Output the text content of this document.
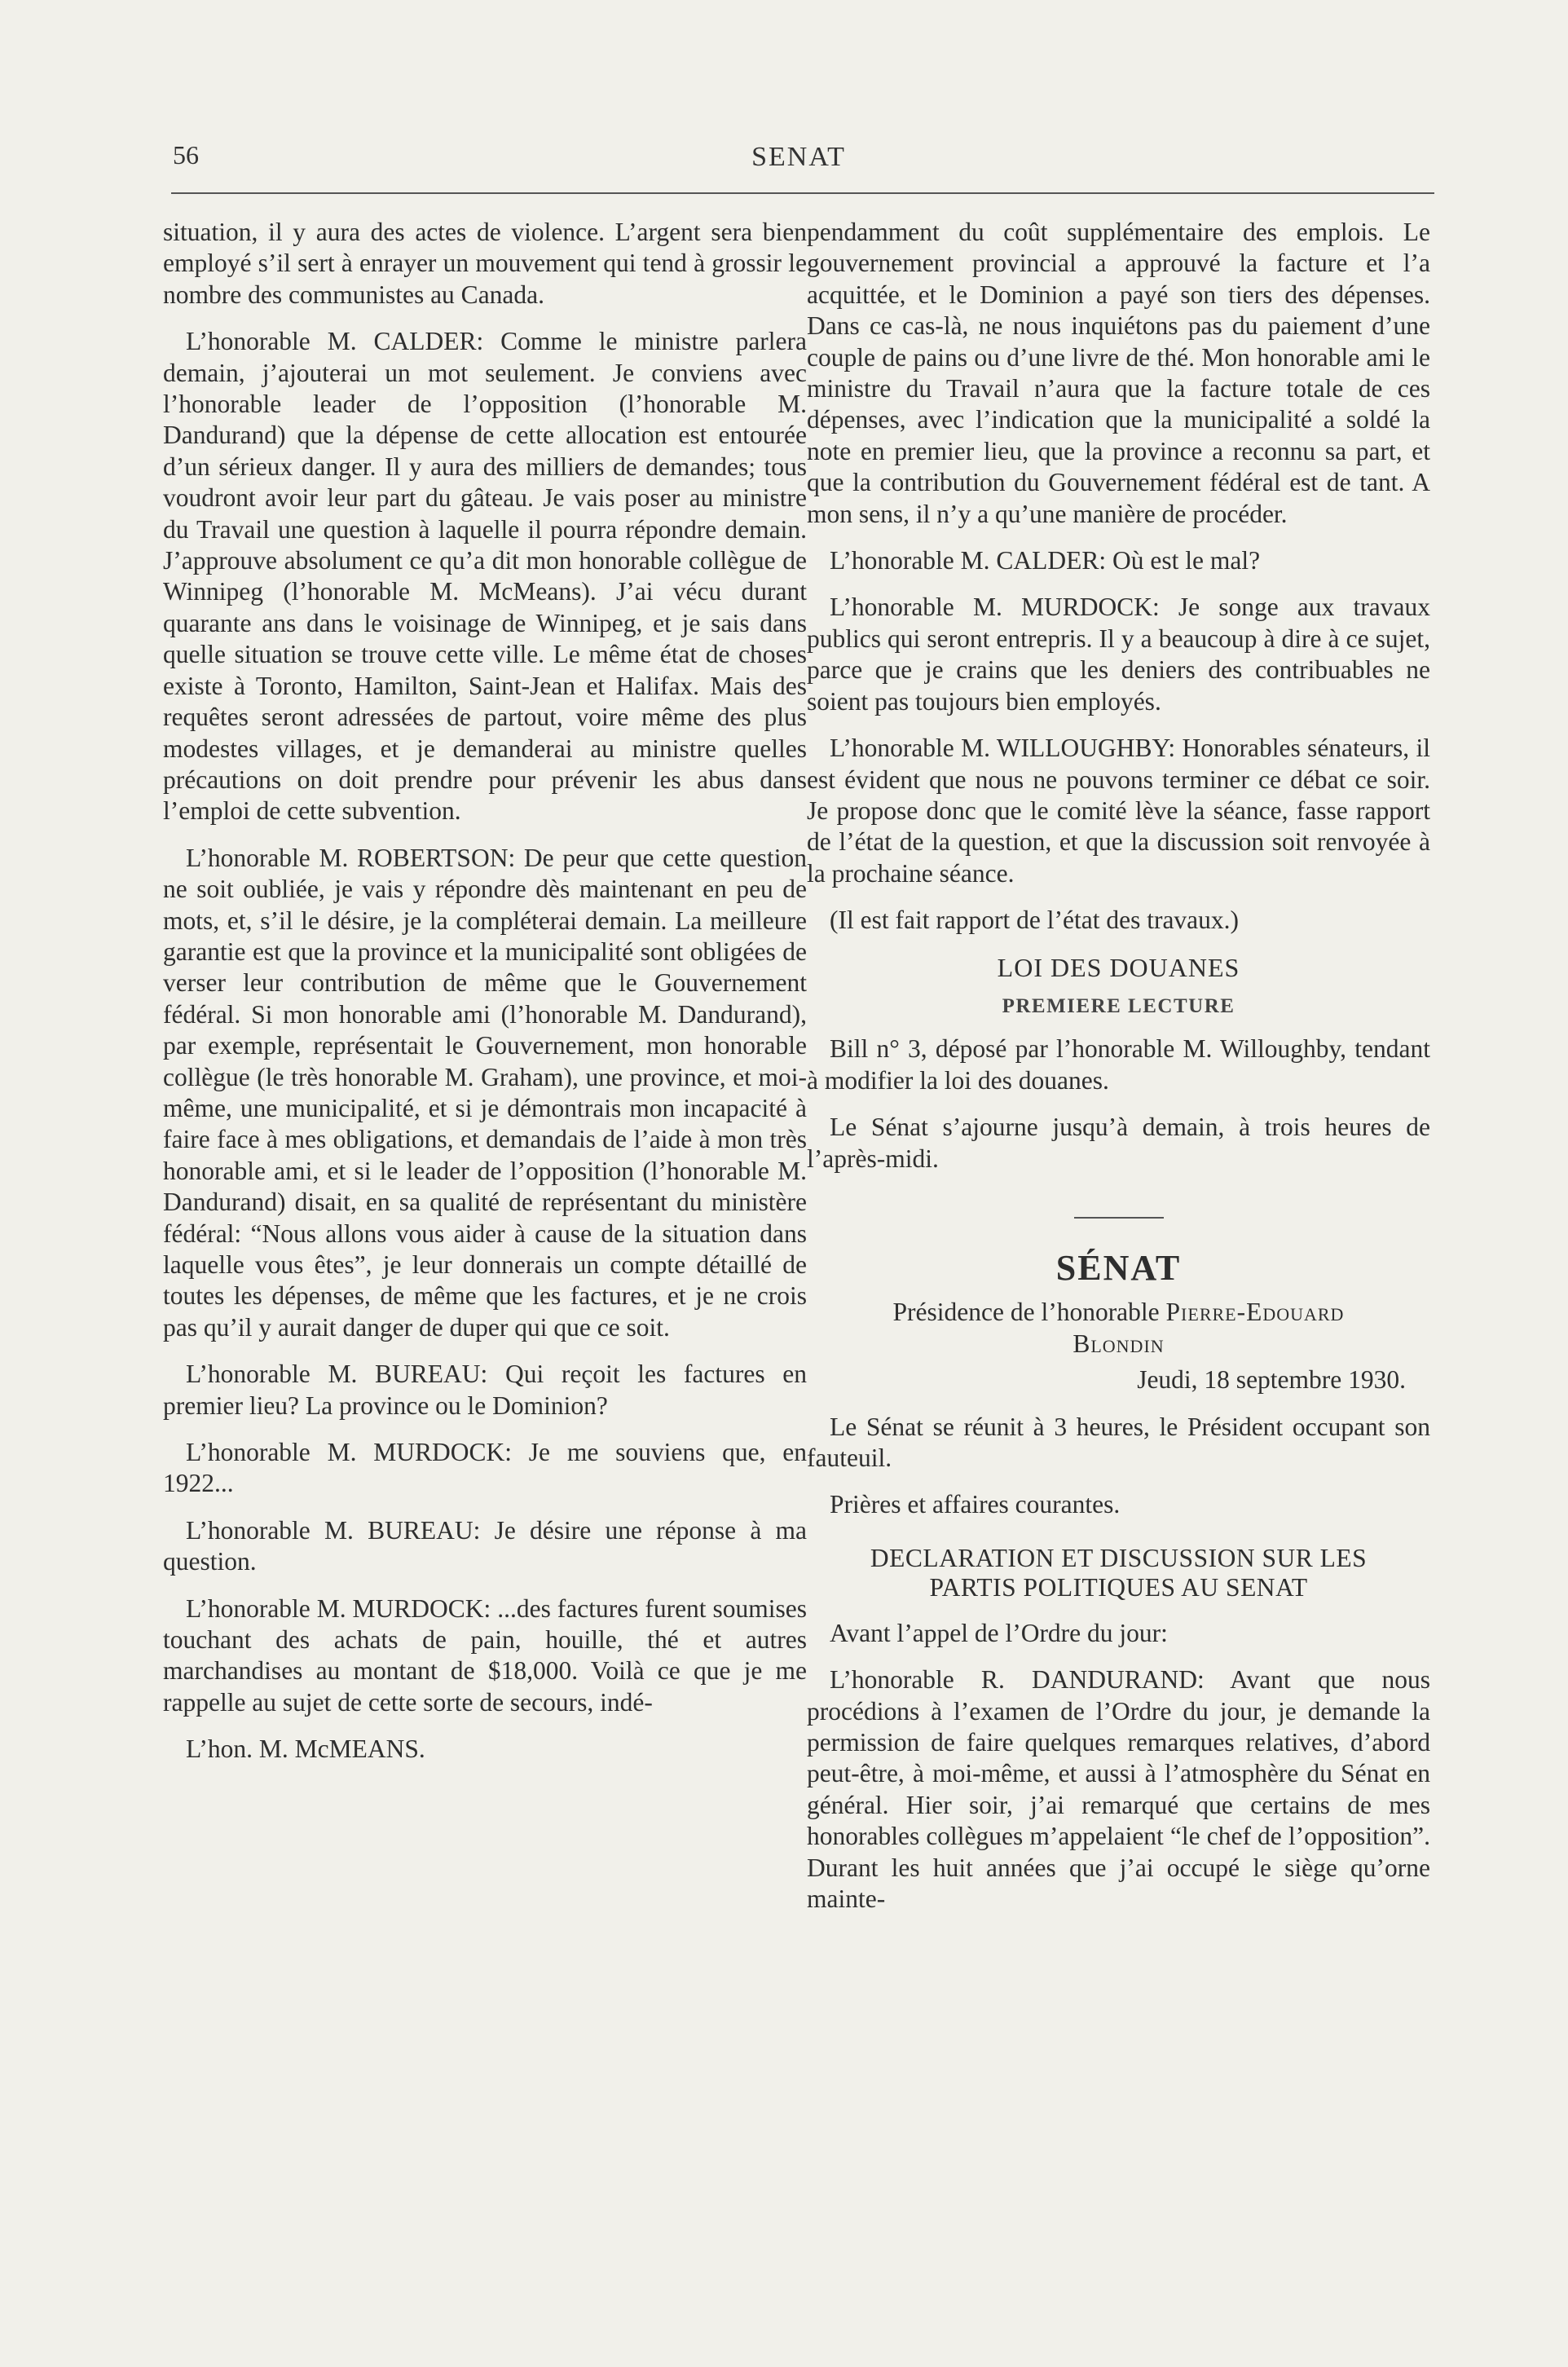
56	SENAT

situation, il y aura des actes de violence. L’argent sera bien employé s’il sert à enrayer un mouvement qui tend à grossir le nombre des communistes au Canada.

L’honorable M. CALDER: Comme le ministre parlera demain, j’ajouterai un mot seulement. Je conviens avec l’honorable leader de l’opposition (l’honorable M. Dandurand) que la dépense de cette allocation est entourée d’un sérieux danger. Il y aura des milliers de demandes; tous voudront avoir leur part du gâteau. Je vais poser au ministre du Travail une question à laquelle il pourra répondre demain. J’approuve absolument ce qu’a dit mon honorable collègue de Winnipeg (l’honorable M. McMeans). J’ai vécu durant quarante ans dans le voisinage de Winnipeg, et je sais dans quelle situation se trouve cette ville. Le même état de choses existe à Toronto, Hamilton, Saint-Jean et Halifax. Mais des requêtes seront adressées de partout, voire même des plus modestes villages, et je demanderai au ministre quelles précautions on doit prendre pour prévenir les abus dans l’emploi de cette subvention.

L’honorable M. ROBERTSON: De peur que cette question ne soit oubliée, je vais y répondre dès maintenant en peu de mots, et, s’il le désire, je la compléterai demain. La meilleure garantie est que la province et la municipalité sont obligées de verser leur contribution de même que le Gouvernement fédéral. Si mon honorable ami (l’honorable M. Dandurand), par exemple, représentait le Gouvernement, mon honorable collègue (le très honorable M. Graham), une province, et moi-même, une municipalité, et si je démontrais mon incapacité à faire face à mes obligations, et demandais de l’aide à mon très honorable ami, et si le leader de l’opposition (l’honorable M. Dandurand) disait, en sa qualité de représentant du ministère fédéral: “Nous allons vous aider à cause de la situation dans laquelle vous êtes”, je leur donnerais un compte détaillé de toutes les dépenses, de même que les factures, et je ne crois pas qu’il y aurait danger de duper qui que ce soit.

L’honorable M. BUREAU: Qui reçoit les factures en premier lieu? La province ou le Dominion?

L’honorable M. MURDOCK: Je me souviens que, en 1922...

L’honorable M. BUREAU: Je désire une réponse à ma question.

L’honorable M. MURDOCK: ...des factures furent soumises touchant des achats de pain, houille, thé et autres marchandises au montant de $18,000. Voilà ce que je me rappelle au sujet de cette sorte de secours, indé-

L’hon. M. McMEANS.

pendamment du coût supplémentaire des emplois. Le gouvernement provincial a approuvé la facture et l’a acquittée, et le Dominion a payé son tiers des dépenses. Dans ce cas-là, ne nous inquiétons pas du paiement d’une couple de pains ou d’une livre de thé. Mon honorable ami le ministre du Travail n’aura que la facture totale de ces dépenses, avec l’indication que la municipalité a soldé la note en premier lieu, que la province a reconnu sa part, et que la contribution du Gouvernement fédéral est de tant. A mon sens, il n’y a qu’une manière de procéder.

L’honorable M. CALDER: Où est le mal?

L’honorable M. MURDOCK: Je songe aux travaux publics qui seront entrepris. Il y a beaucoup à dire à ce sujet, parce que je crains que les deniers des contribuables ne soient pas toujours bien employés.

L’honorable M. WILLOUGHBY: Honorables sénateurs, il est évident que nous ne pouvons terminer ce débat ce soir. Je propose donc que le comité lève la séance, fasse rapport de l’état de la question, et que la discussion soit renvoyée à la prochaine séance.

(Il est fait rapport de l’état des travaux.)

LOI DES DOUANES

PREMIERE LECTURE

Bill n° 3, déposé par l’honorable M. Willoughby, tendant à modifier la loi des douanes.

Le Sénat s’ajourne jusqu’à demain, à trois heures de l’après-midi.

SÉNAT

Présidence de l’honorable Pierre-Edouard

Blondin

Jeudi, 18 septembre 1930.

Le Sénat se réunit à 3 heures, le Président occupant son fauteuil.

Prières et affaires courantes.

DECLARATION ET DISCUSSION SUR LES
PARTIS POLITIQUES AU SENAT

Avant l’appel de l’Ordre du jour:

L’honorable R. DANDURAND: Avant que nous procédions à l’examen de l’Ordre du jour, je demande la permission de faire quelques remarques relatives, d’abord peut-être, à moi-même, et aussi à l’atmosphère du Sénat en général. Hier soir, j’ai remarqué que certains de mes honorables collègues m’appelaient “le chef de l’opposition”. Durant les huit années que j’ai occupé le siège qu’orne mainte-
